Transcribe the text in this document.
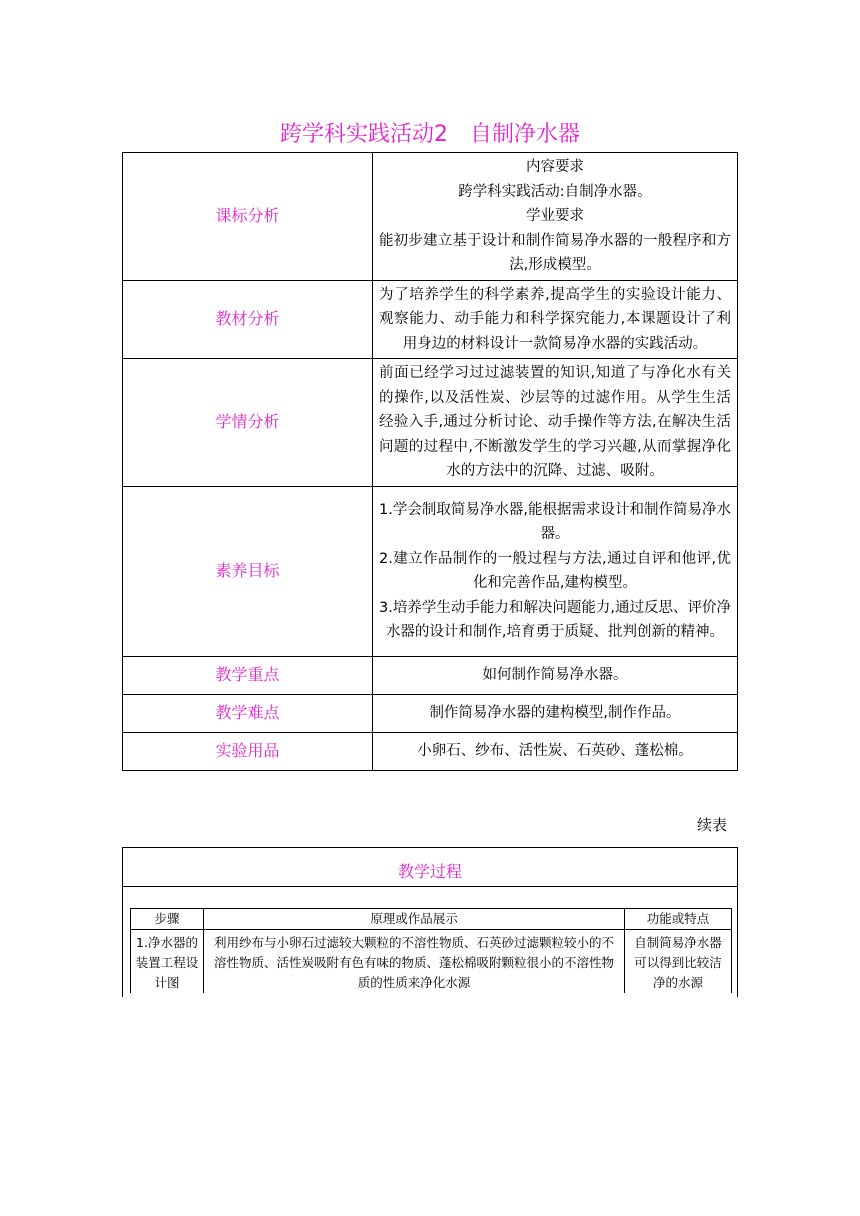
跨学科实践活动2　自制净水器
课标分析	内容要求
跨学科实践活动:自制净水器。
学业要求
能初步建立基于设计和制作简易净水器的一般程序和方法,形成模型。

教材分析	为了培养学生的科学素养,提高学生的实验设计能力、观察能力、动手能力和科学探究能力,本课题设计了利用身边的材料设计一款简易净水器的实践活动。

学情分析	前面已经学习过过滤装置的知识,知道了与净化水有关的操作,以及活性炭、沙层等的过滤作用。从学生生活经验入手,通过分析讨论、动手操作等方法,在解决生活问题的过程中,不断激发学生的学习兴趣,从而掌握净化水的方法中的沉降、过滤、吸附。

素养目标	1.学会制取简易净水器,能根据需求设计和制作简易净水器。
2.建立作品制作的一般过程与方法,通过自评和他评,优化和完善作品,建构模型。
3.培养学生动手能力和解决问题能力,通过反思、评价净水器的设计和制作,培育勇于质疑、批判创新的精神。

教学重点	如何制作简易净水器。
教学难点	制作简易净水器的建构模型,制作作品。
实验用品	小卵石、纱布、活性炭、石英砂、蓬松棉。
续表
教学过程
步骤	原理或作品展示	功能或特点
1.净水器的装置工程设计图	利用纱布与小卵石过滤较大颗粒的不溶性物质、石英砂过滤颗粒较小的不溶性物质、活性炭吸附有色有味的物质、蓬松棉吸附颗粒很小的不溶性物质的性质来净化水源	自制简易净水器可以得到比较洁净的水源
